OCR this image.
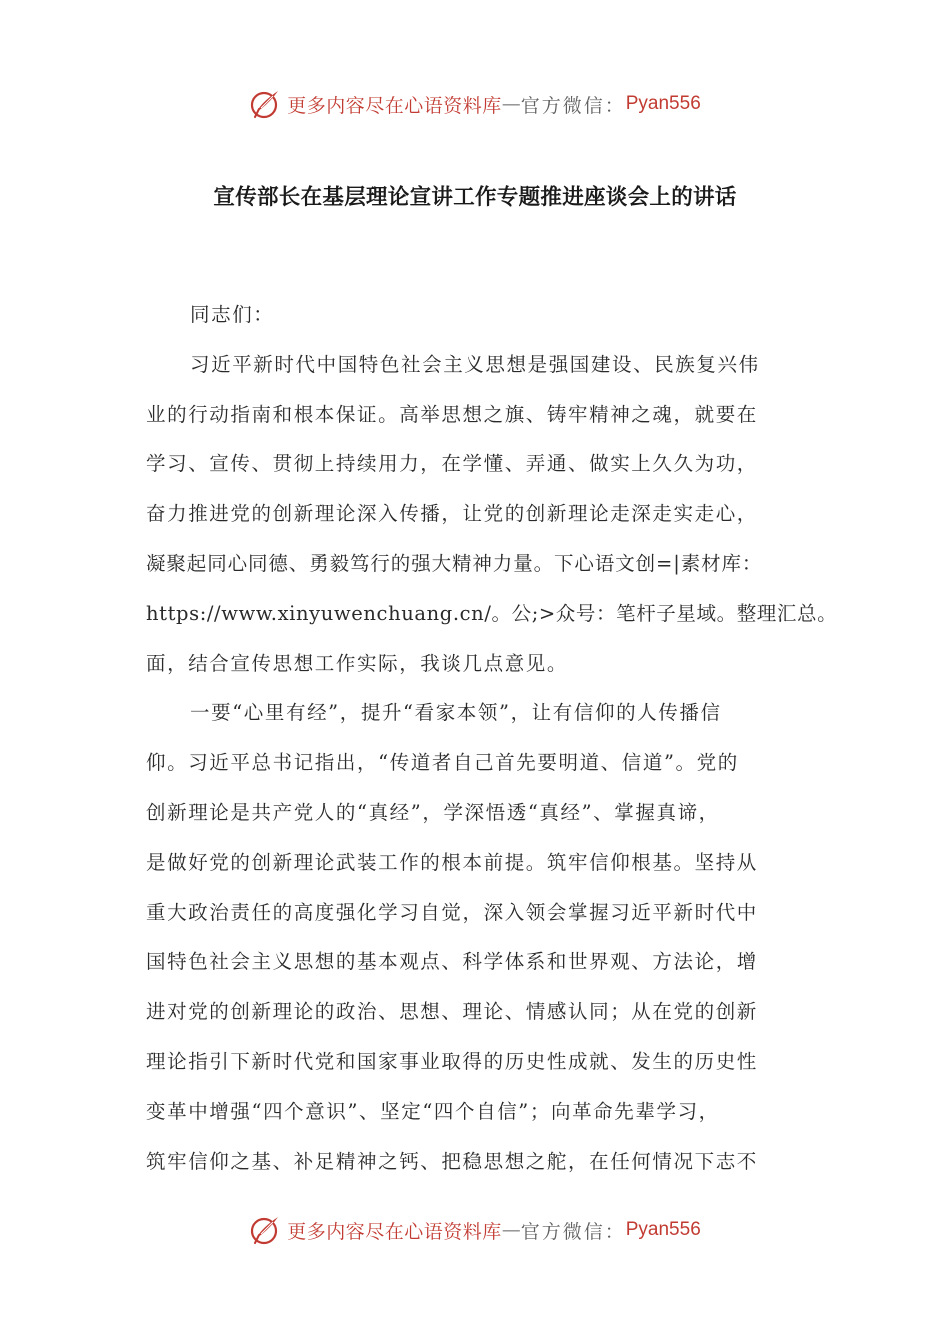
更多内容尽在心语资料库 — 官方微信： Pyan556
宣传部长在基层理论宣讲工作专题推进座谈会上的讲话
同志们：
习近平新时代中国特色社会主义思想是强国建设、民族复兴伟
业的行动指南和根本保证。高举思想之旗、铸牢精神之魂，就要在
学习、宣传、贯彻上持续用力，在学懂、弄通、做实上久久为功，
奋力推进党的创新理论深入传播，让党的创新理论走深走实走心，
凝聚起同心同德、勇毅笃行的强大精神力量。下心语文创=|素材库：
https://www.xinyuwenchuang.cn/。公;>众号：笔杆子星域。整理汇总。
面，结合宣传思想工作实际，我谈几点意见。
一要“心里有经”，提升“看家本领”，让有信仰的人传播信
仰。习近平总书记指出，“传道者自己首先要明道、信道”。党的
创新理论是共产党人的“真经”，学深悟透“真经”、掌握真谛，
是做好党的创新理论武装工作的根本前提。筑牢信仰根基。坚持从
重大政治责任的高度强化学习自觉，深入领会掌握习近平新时代中
国特色社会主义思想的基本观点、科学体系和世界观、方法论，增
进对党的创新理论的政治、思想、理论、情感认同；从在党的创新
理论指引下新时代党和国家事业取得的历史性成就、发生的历史性
变革中增强“四个意识”、坚定“四个自信”；向革命先辈学习，
筑牢信仰之基、补足精神之钙、把稳思想之舵，在任何情况下志不
更多内容尽在心语资料库 — 官方微信： Pyan556
